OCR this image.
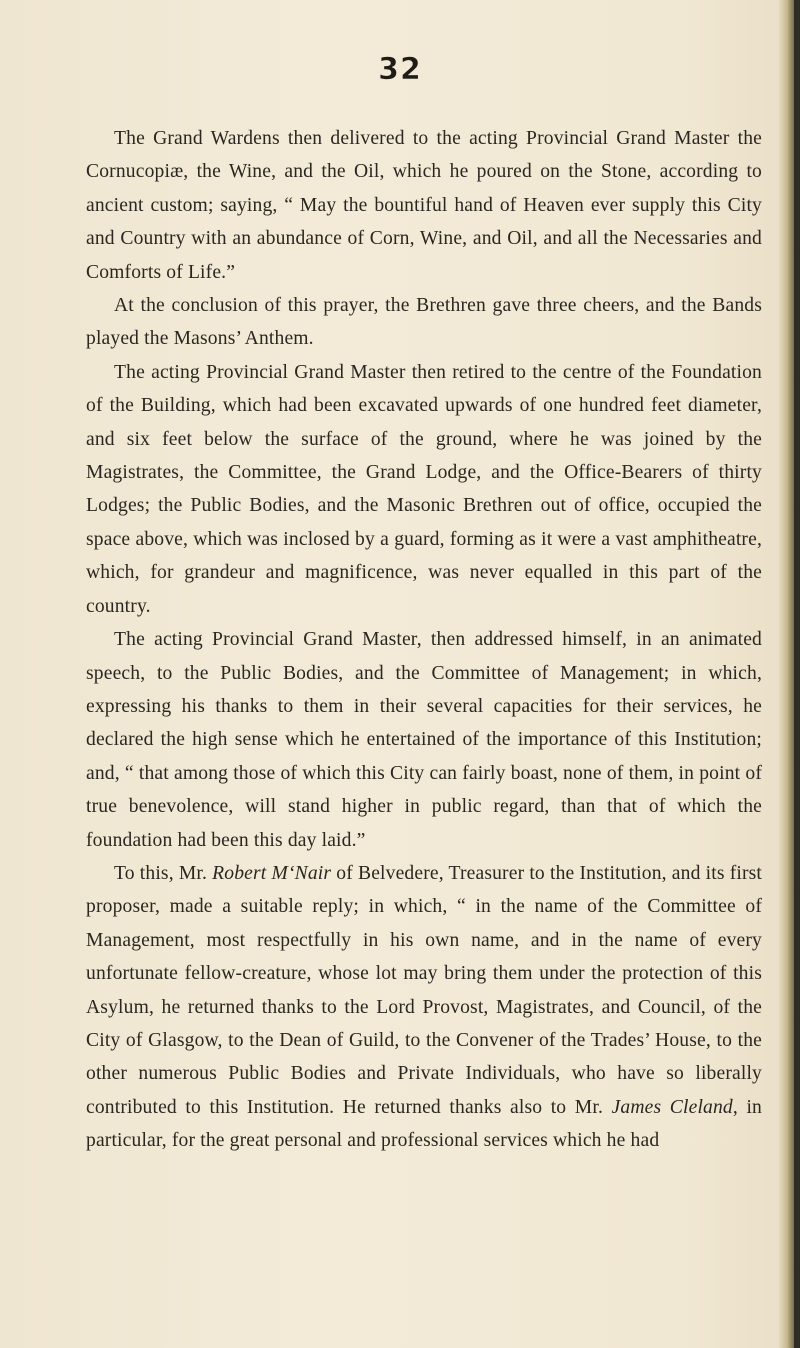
32

The Grand Wardens then delivered to the acting Provincial Grand Master the Cornucopiæ, the Wine, and the Oil, which he poured on the Stone, according to ancient custom; saying, “ May the bountiful hand of Heaven ever supply this City and Country with an abundance of Corn, Wine, and Oil, and all the Necessaries and Comforts of Life.”

At the conclusion of this prayer, the Brethren gave three cheers, and the Bands played the Masons’ Anthem.

The acting Provincial Grand Master then retired to the centre of the Foundation of the Building, which had been excavated upwards of one hundred feet diameter, and six feet below the surface of the ground, where he was joined by the Magistrates, the Committee, the Grand Lodge, and the Office-Bearers of thirty Lodges; the Public Bodies, and the Masonic Brethren out of office, occupied the space above, which was inclosed by a guard, forming as it were a vast amphitheatre, which, for grandeur and magnificence, was never equalled in this part of the country.

The acting Provincial Grand Master, then addressed himself, in an animated speech, to the Public Bodies, and the Committee of Management; in which, expressing his thanks to them in their several capacities for their services, he declared the high sense which he entertained of the importance of this Institution; and, “ that among those of which this City can fairly boast, none of them, in point of true benevolence, will stand higher in public regard, than that of which the foundation had been this day laid.”

To this, Mr. Robert M‘Nair of Belvedere, Treasurer to the Institution, and its first proposer, made a suitable reply; in which, “ in the name of the Committee of Management, most respectfully in his own name, and in the name of every unfortunate fellow-creature, whose lot may bring them under the protection of this Asylum, he returned thanks to the Lord Provost, Magistrates, and Council, of the City of Glasgow, to the Dean of Guild, to the Convener of the Trades’ House, to the other numerous Public Bodies and Private Individuals, who have so liberally contributed to this Institution. He returned thanks also to Mr. James Cleland, in particular, for the great personal and professional services which he had
